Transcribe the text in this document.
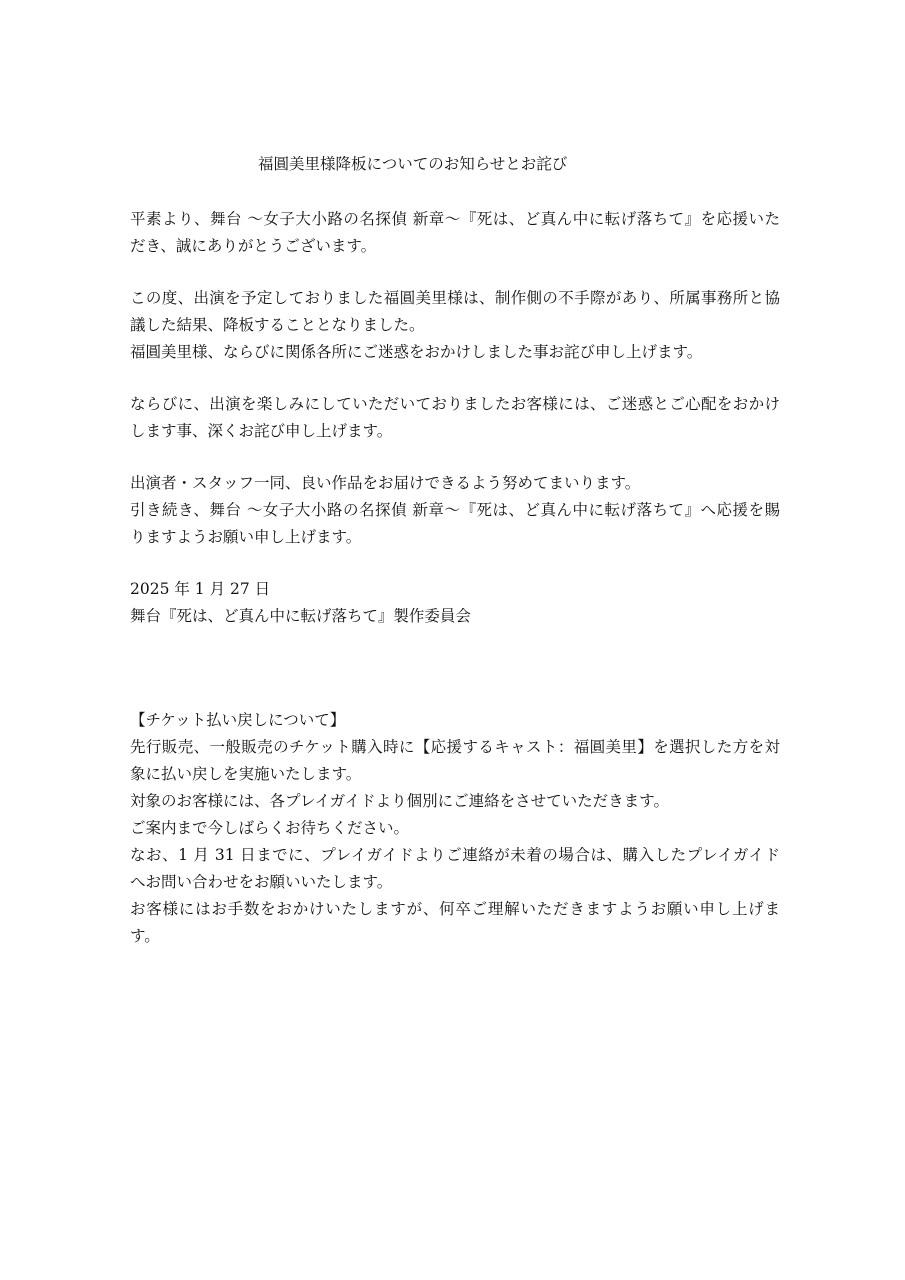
福圓美里様降板についてのお知らせとお詫び
平素より、舞台 〜女子大小路の名探偵 新章〜『死は、ど真ん中に転げ落ちて』を応援いた
だき、誠にありがとうございます。
この度、出演を予定しておりました福圓美里様は、制作側の不手際があり、所属事務所と協
議した結果、降板することとなりました。
福圓美里様、ならびに関係各所にご迷惑をおかけしました事お詫び申し上げます。
ならびに、出演を楽しみにしていただいておりましたお客様には、ご迷惑とご心配をおかけ
します事、深くお詫び申し上げます。
出演者・スタッフ一同、良い作品をお届けできるよう努めてまいります。
引き続き、舞台 〜女子大小路の名探偵 新章〜『死は、ど真ん中に転げ落ちて』へ応援を賜
りますようお願い申し上げます。
2025 年 1 月 27 日
舞台『死は、ど真ん中に転げ落ちて』製作委員会
【チケット払い戻しについて】
先行販売、一般販売のチケット購入時に【応援するキャスト：福圓美里】を選択した方を対
象に払い戻しを実施いたします。
対象のお客様には、各プレイガイドより個別にご連絡をさせていただきます。
ご案内まで今しばらくお待ちください。
なお、1 月 31 日までに、プレイガイドよりご連絡が未着の場合は、購入したプレイガイド
へお問い合わせをお願いいたします。
お客様にはお手数をおかけいたしますが、何卒ご理解いただきますようお願い申し上げま
す。
